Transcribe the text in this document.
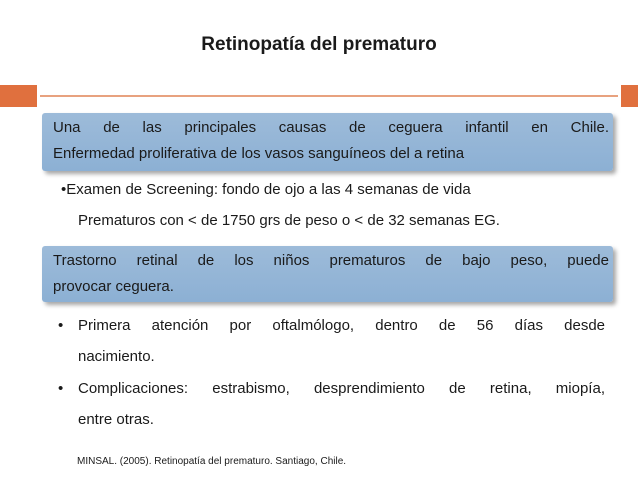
Retinopatía del prematuro
Una de las principales causas de ceguera infantil en Chile.
Enfermedad proliferativa de los vasos sanguíneos del a retina
•Examen de Screening: fondo de ojo a las 4 semanas de vida
Prematuros con < de 1750 grs de peso o < de 32 semanas EG.
Trastorno retinal de los niños prematuros de bajo peso, puede
provocar ceguera.
• Primera atención por oftalmólogo, dentro de 56 días desde
nacimiento.
• Complicaciones: estrabismo, desprendimiento de retina, miopía,
entre otras.
MINSAL. (2005). Retinopatía del prematuro. Santiago, Chile.
